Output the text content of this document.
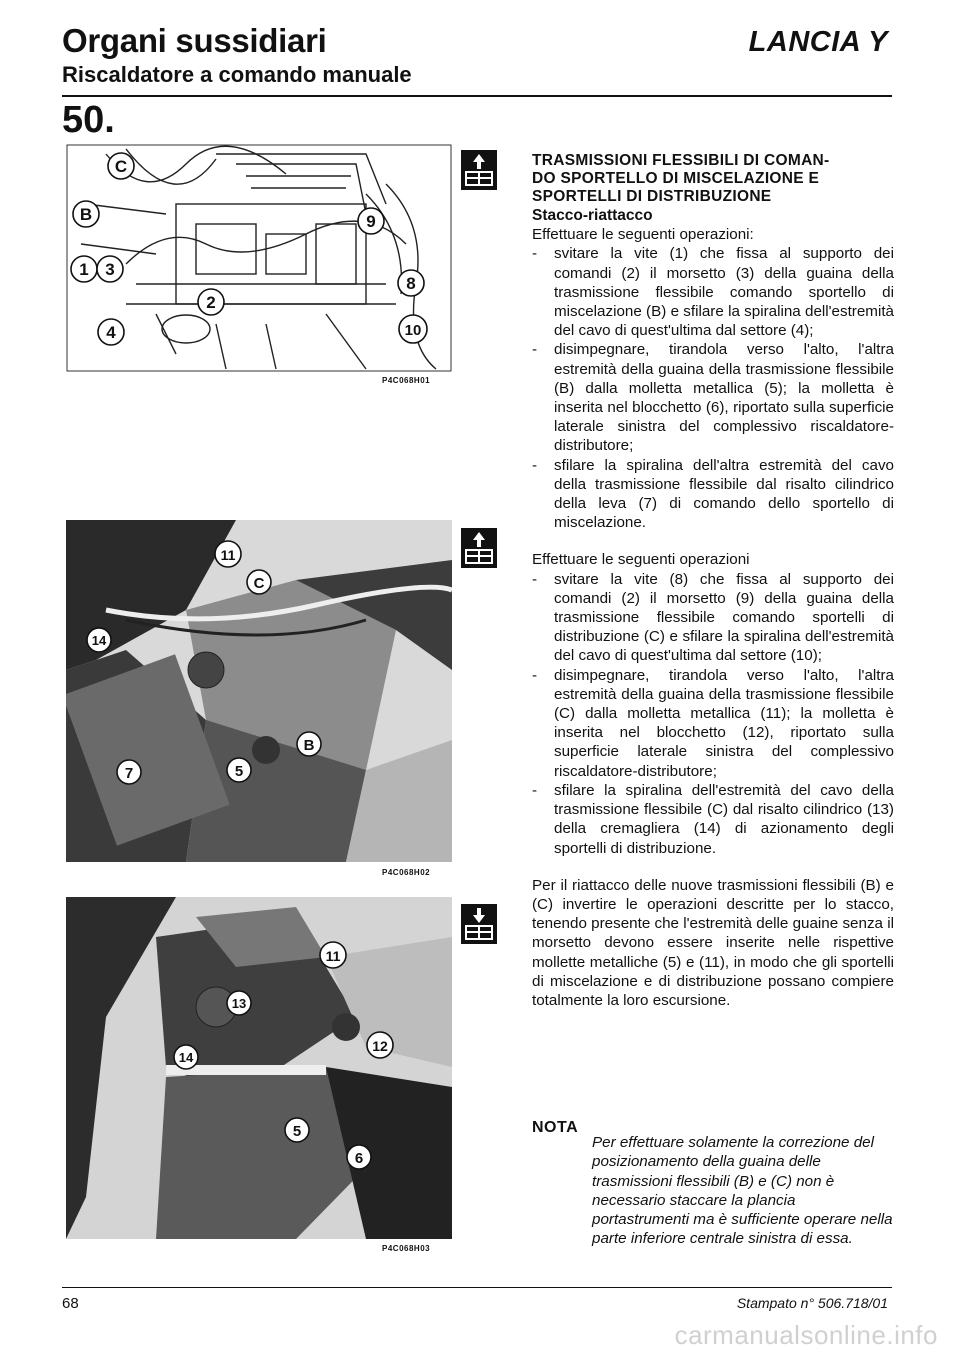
Organi sussidiari
Riscaldatore a comando manuale
LANCIA Y
50.
C
B
1 3
2
9
8
4	10
P4C068H01
11
C
14
B
7	5
P4C068H02
11
13
12
14
5
6
P4C068H03

TRASMISSIONI FLESSIBILI DI COMAN-
DO SPORTELLO DI MISCELAZIONE E
SPORTELLI DI DISTRIBUZIONE

Stacco-riattacco

Effettuare le seguenti operazioni:

- svitare la vite (1) che fissa al supporto dei comandi (2) il morsetto (3) della guaina della trasmissione flessibile comando sportello di miscelazione (B) e sfilare la spiralina dell'estremità del cavo di quest'ultima dal settore (4);
- disimpegnare, tirandola verso l'alto, l'altra estremità della guaina della trasmissione flessibile (B) dalla molletta metallica (5); la molletta è inserita nel blocchetto (6), riportato sulla superficie laterale sinistra del complessivo riscaldatore-distributore;
- sfilare la spiralina dell'altra estremità del cavo della trasmissione flessibile dal risalto cilindrico della leva (7) di comando dello sportello di miscelazione.

Effettuare le seguenti operazioni

- svitare la vite (8) che fissa al supporto dei comandi (2) il morsetto (9) della guaina della trasmissione flessibile comando sportelli di distribuzione (C) e sfilare la spiralina dell'estremità del cavo di quest'ultima dal settore (10);
- disimpegnare, tirandola verso l'alto, l'altra estremità della guaina della trasmissione flessibile (C) dalla molletta metallica (11); la molletta è inserita nel blocchetto (12), riportato sulla superficie laterale sinistra del complessivo riscaldatore-distributore;
- sfilare la spiralina dell'estremità del cavo della trasmissione flessibile (C) dal risalto cilindrico (13) della cremagliera (14) di azionamento degli sportelli di distribuzione.

Per il riattacco delle nuove trasmissioni flessibili (B) e (C) invertire le operazioni descritte per lo stacco, tenendo presente che l'estremità delle guaine senza il morsetto devono essere inserite nelle rispettive mollette metalliche (5) e (11), in modo che gli sportelli di miscelazione e di distribuzione possano compiere totalmente la loro escursione.

NOTA

Per effettuare solamente la correzione del posizionamento della guaina delle trasmissioni flessibili (B) e (C) non è necessario staccare la plancia portastrumenti ma è sufficiente operare nella parte inferiore centrale sinistra di essa.

68	Stampato n° 506.718/01
carmanualsonline.info
